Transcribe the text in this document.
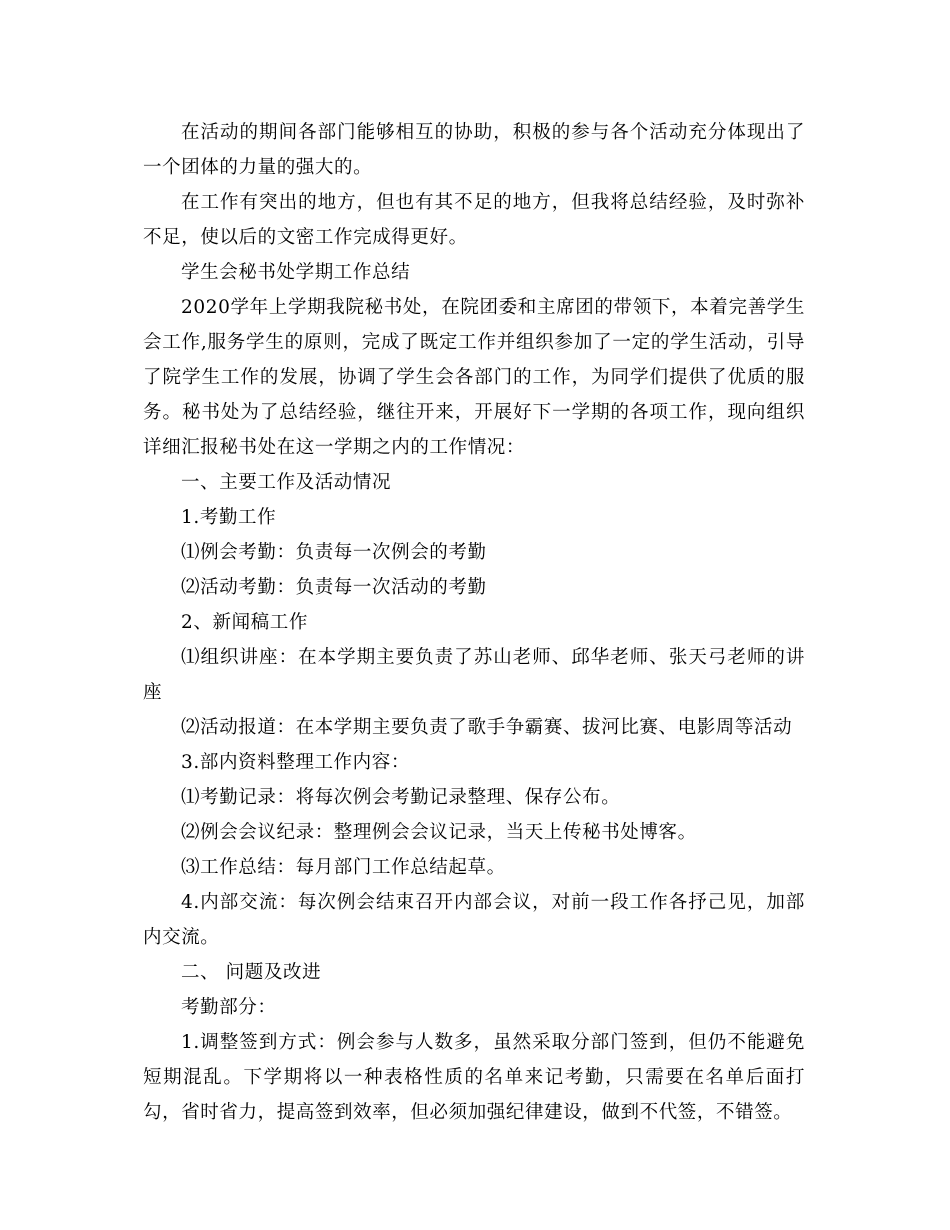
在活动的期间各部门能够相互的协助，积极的参与各个活动充分体现出了一个团体的力量的强大的。

在工作有突出的地方，但也有其不足的地方，但我将总结经验，及时弥补不足，使以后的文密工作完成得更好。

学生会秘书处学期工作总结

2020学年上学期我院秘书处，在院团委和主席团的带领下，本着完善学生会工作,服务学生的原则，完成了既定工作并组织参加了一定的学生活动，引导了院学生工作的发展，协调了学生会各部门的工作，为同学们提供了优质的服务。秘书处为了总结经验，继往开来，开展好下一学期的各项工作，现向组织详细汇报秘书处在这一学期之内的工作情况：

一、主要工作及活动情况

1.考勤工作

⑴例会考勤：负责每一次例会的考勤

⑵活动考勤：负责每一次活动的考勤

2、新闻稿工作

⑴组织讲座：在本学期主要负责了苏山老师、邱华老师、张天弓老师的讲座

⑵活动报道：在本学期主要负责了歌手争霸赛、拔河比赛、电影周等活动

3.部内资料整理工作内容：

⑴考勤记录：将每次例会考勤记录整理、保存公布。

⑵例会会议纪录：整理例会会议记录，当天上传秘书处博客。

⑶工作总结：每月部门工作总结起草。

4.内部交流：每次例会结束召开内部会议，对前一段工作各抒己见，加部内交流。

二、 问题及改进

考勤部分：

1.调整签到方式：例会参与人数多，虽然采取分部门签到，但仍不能避免短期混乱。下学期将以一种表格性质的名单来记考勤，只需要在名单后面打勾，省时省力，提高签到效率，但必须加强纪律建设，做到不代签，不错签。
